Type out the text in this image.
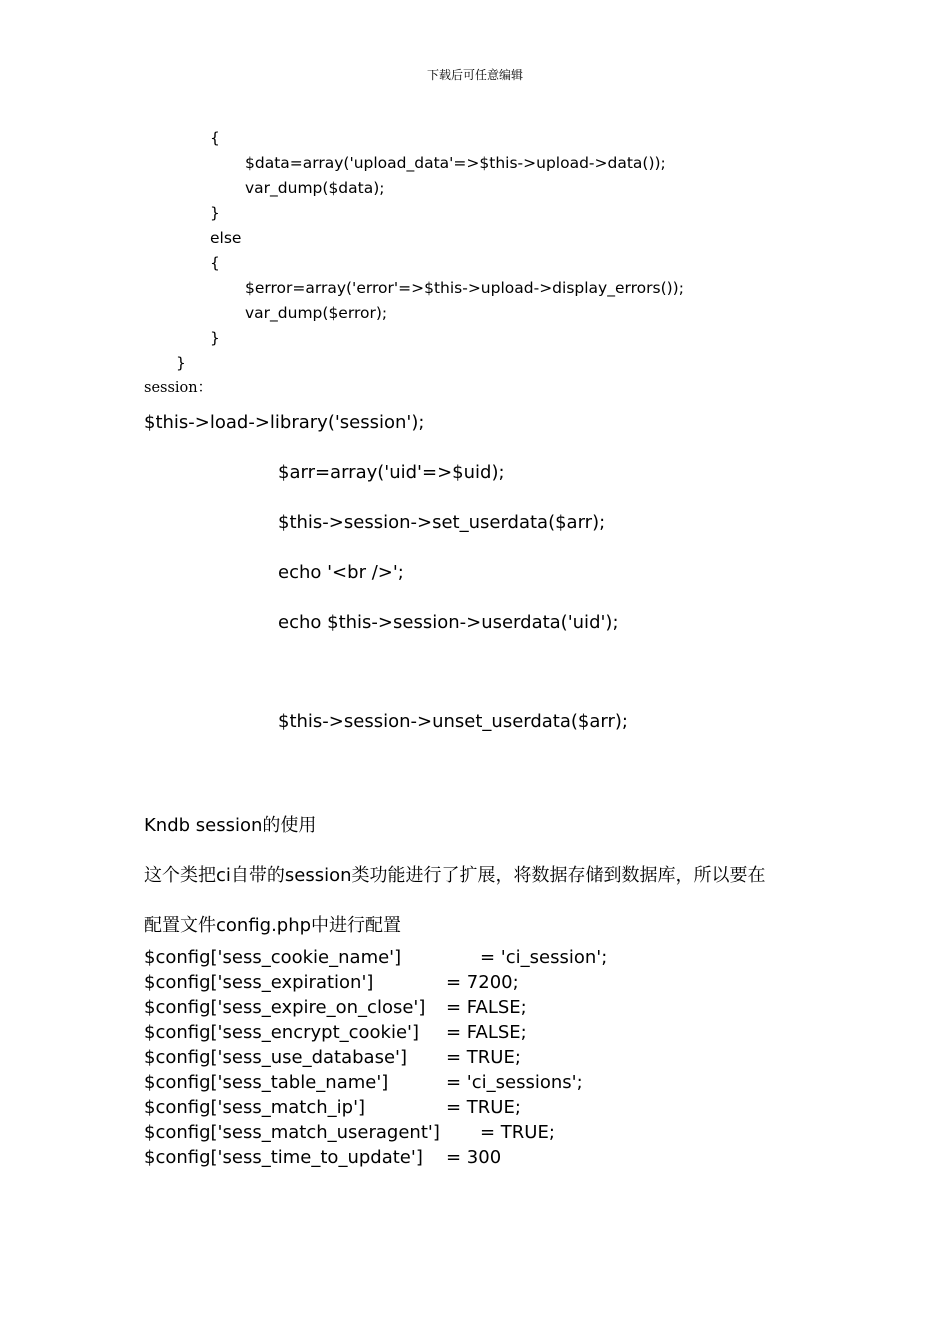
下载后可任意编辑
{
$data=array('upload_data'=>$this->upload->data());
var_dump($data);
}
else
{
$error=array('error'=>$this->upload->display_errors());
var_dump($error);
}
}
session：
$this->load->library('session');
$arr=array('uid'=>$uid);
$this->session->set_userdata($arr);
echo '<br />';
echo $this->session->userdata('uid');
$this->session->unset_userdata($arr);
Kndb session的使用
这个类把ci自带的session类功能进行了扩展，将数据存储到数据库，所以要在
配置文件config.php中进行配置
$config['sess_cookie_name']	= 'ci_session';
$config['sess_expiration']	= 7200;
$config['sess_expire_on_close'] = FALSE;
$config['sess_encrypt_cookie'] = FALSE;
$config['sess_use_database'] = TRUE;
$config['sess_table_name']	= 'ci_sessions';
$config['sess_match_ip']	= TRUE;
$config['sess_match_useragent'] = TRUE;
$config['sess_time_to_update'] = 300
